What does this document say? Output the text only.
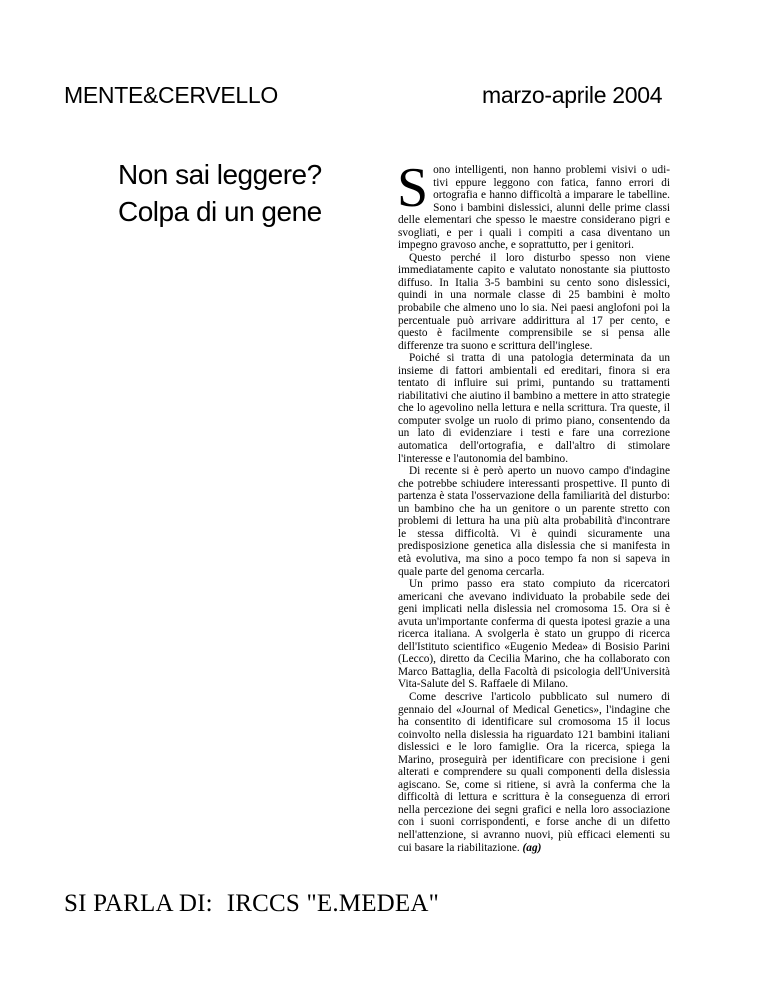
MENTE&CERVELLO	marzo-aprile 2004
Non sai leggere?
Colpa di un gene Sono intelligenti, non hanno problemi visivi o udi-tivi eppure leggono con fatica, fanno errori di ortografia e hanno difficoltà a imparare le tabelline. Sono i bambini dislessici, alunni delle prime classi delle elementari che spesso le maestre considerano pigri e svogliati, e per i quali i compiti a casa diventano un impegno gravoso anche, e soprattutto, per i genitori.

Questo perché il loro disturbo spesso non viene immediatamente capito e valutato nonostante sia piuttosto diffuso. In Italia 3-5 bambini su cento sono dislessici, quindi in una normale classe di 25 bambini è molto probabile che almeno uno lo sia. Nei paesi anglofoni poi la percentuale può arrivare addirittura al 17 per cento, e questo è facilmente comprensibile se si pensa alle differenze tra suono e scrittura dell'inglese.

Poiché si tratta di una patologia determinata da un insieme di fattori ambientali ed ereditari, finora si era tentato di influire sui primi, puntando su trattamenti riabilitativi che aiutino il bambino a mettere in atto strategie che lo agevolino nella lettura e nella scrittura. Tra queste, il computer svolge un ruolo di primo piano, consentendo da un lato di evidenziare i testi e fare una correzione automatica dell'ortografia, e dall'altro di stimolare l'interesse e l'autonomia del bambino.

Di recente si è però aperto un nuovo campo d'indagine che potrebbe schiudere interessanti prospettive. Il punto di partenza è stata l'osservazione della familiarità del disturbo: un bambino che ha un genitore o un parente stretto con problemi di lettura ha una più alta probabilità d'incontrare le stessa difficoltà. Vi è quindi sicuramente una predisposizione genetica alla dislessia che si manifesta in età evolutiva, ma sino a poco tempo fa non si sapeva in quale parte del genoma cercarla.

Un primo passo era stato compiuto da ricercatori americani che avevano individuato la probabile sede dei geni implicati nella dislessia nel cromosoma 15. Ora si è avuta un'importante conferma di questa ipotesi grazie a una ricerca italiana. A svolgerla è stato un gruppo di ricerca dell'Istituto scientifico «Eugenio Medea» di Bosisio Parini (Lecco), diretto da Cecilia Marino, che ha collaborato con Marco Battaglia, della Facoltà di psicologia dell'Università Vita-Salute del S. Raffaele di Milano.

Come descrive l'articolo pubblicato sul numero di gennaio del «Journal of Medical Genetics», l'indagine che ha consentito di identificare sul cromosoma 15 il locus coinvolto nella dislessia ha riguardato 121 bambini italiani dislessici e le loro famiglie. Ora la ricerca, spiega la Marino, proseguirà per identificare con precisione i geni alterati e comprendere su quali componenti della dislessia agiscano. Se, come si ritiene, si avrà la conferma che la difficoltà di lettura e scrittura è la conseguenza di errori nella percezione dei segni grafici e nella loro associazione con i suoni corrispondenti, e forse anche di un difetto nell'attenzione, si avranno nuovi, più efficaci elementi su cui basare la riabilitazione. (ag)

SI PARLA DI: IRCCS "E.MEDEA"
